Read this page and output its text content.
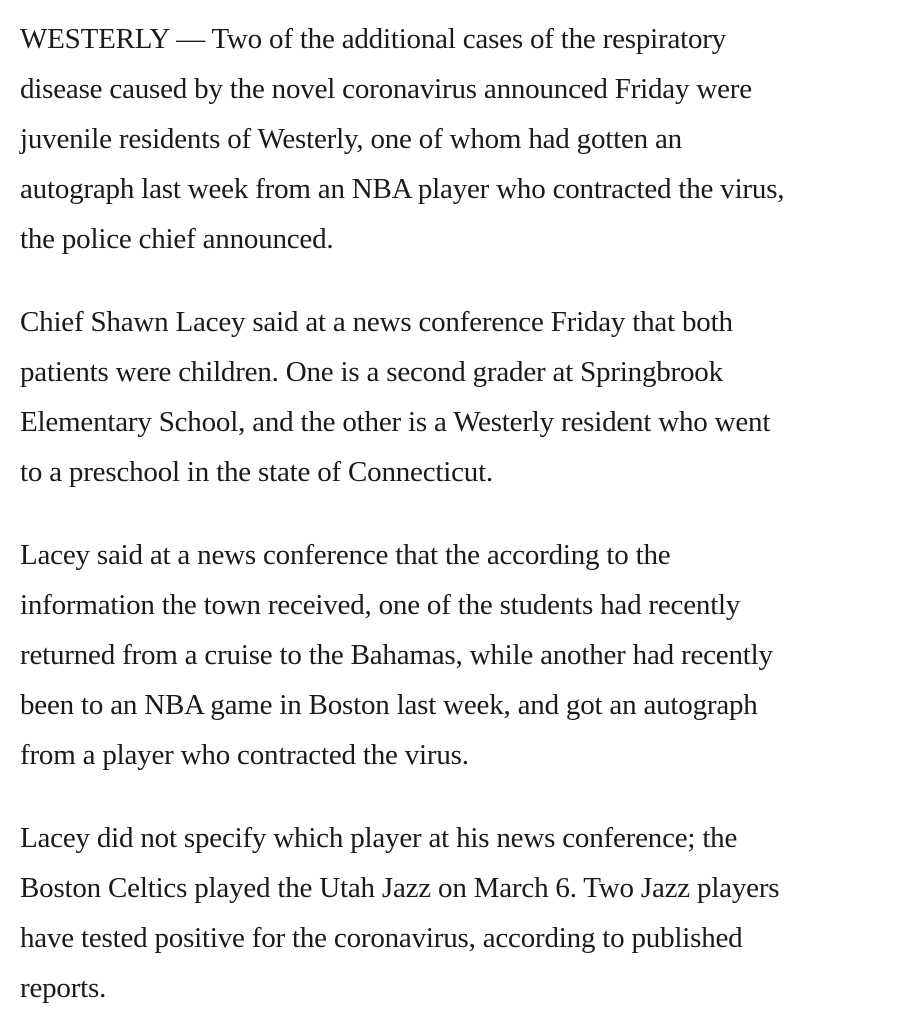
WESTERLY — Two of the additional cases of the respiratory
disease caused by the novel coronavirus announced Friday were
juvenile residents of Westerly, one of whom had gotten an
autograph last week from an NBA player who contracted the virus,
the police chief announced.

Chief Shawn Lacey said at a news conference Friday that both
patients were children. One is a second grader at Springbrook
Elementary School, and the other is a Westerly resident who went
to a preschool in the state of Connecticut.

Lacey said at a news conference that the according to the
information the town received, one of the students had recently
returned from a cruise to the Bahamas, while another had recently
been to an NBA game in Boston last week, and got an autograph
from a player who contracted the virus.

Lacey did not specify which player at his news conference; the
Boston Celtics played the Utah Jazz on March 6. Two Jazz players
have tested positive for the coronavirus, according to published
reports.
